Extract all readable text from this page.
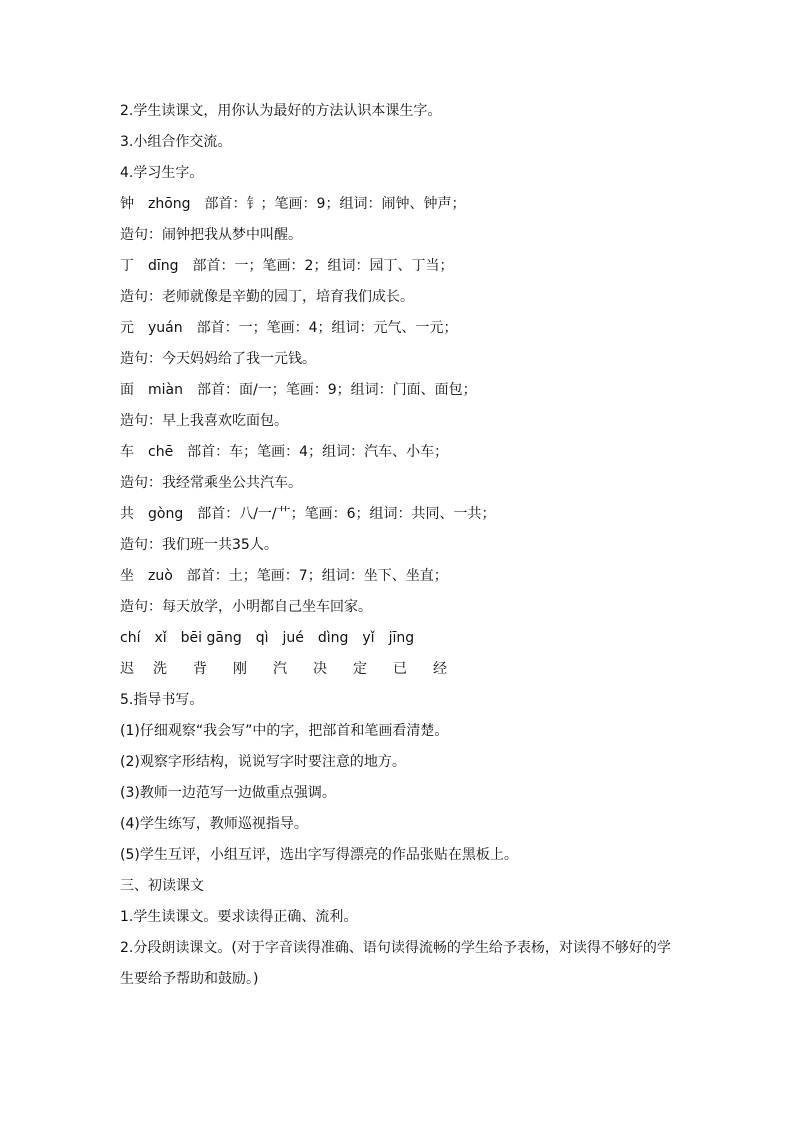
2.学生读课文，用你认为最好的方法认识本课生字。
3.小组合作交流。
4.学习生字。
钟　zhōng　部首：钅；笔画：9；组词：闹钟、钟声；
造句：闹钟把我从梦中叫醒。
丁　dīng　部首：一；笔画：2；组词：园丁、丁当；
造句：老师就像是辛勤的园丁，培育我们成长。
元　yuán　部首：一；笔画：4；组词：元气、一元；
造句：今天妈妈给了我一元钱。
面　miàn　部首：面/一；笔画：9；组词：门面、面包；
造句：早上我喜欢吃面包。
车　chē　部首：车；笔画：4；组词：汽车、小车；
造句：我经常乘坐公共汽车。
共　gòng　部首：八/一/艹；笔画：6；组词：共同、一共；
造句：我们班一共35人。
坐　zuò　部首：土；笔画：7；组词：坐下、坐直；
造句：每天放学，小明都自己坐车回家。
chí　xǐ　bēi gāng　qì　jué　dìng　yǐ　jīng
迟	洗	背	刚	汽	决	定	已	经
5.指导书写。
(1)仔细观察“我会写”中的字，把部首和笔画看清楚。
(2)观察字形结构，说说写字时要注意的地方。
(3)教师一边范写一边做重点强调。
(4)学生练写，教师巡视指导。
(5)学生互评，小组互评，选出字写得漂亮的作品张贴在黑板上。
三、初读课文
1.学生读课文。要求读得正确、流利。
2.分段朗读课文。(对于字音读得准确、语句读得流畅的学生给予表杨，对读得不够好的学生要给予帮助和鼓励。)
